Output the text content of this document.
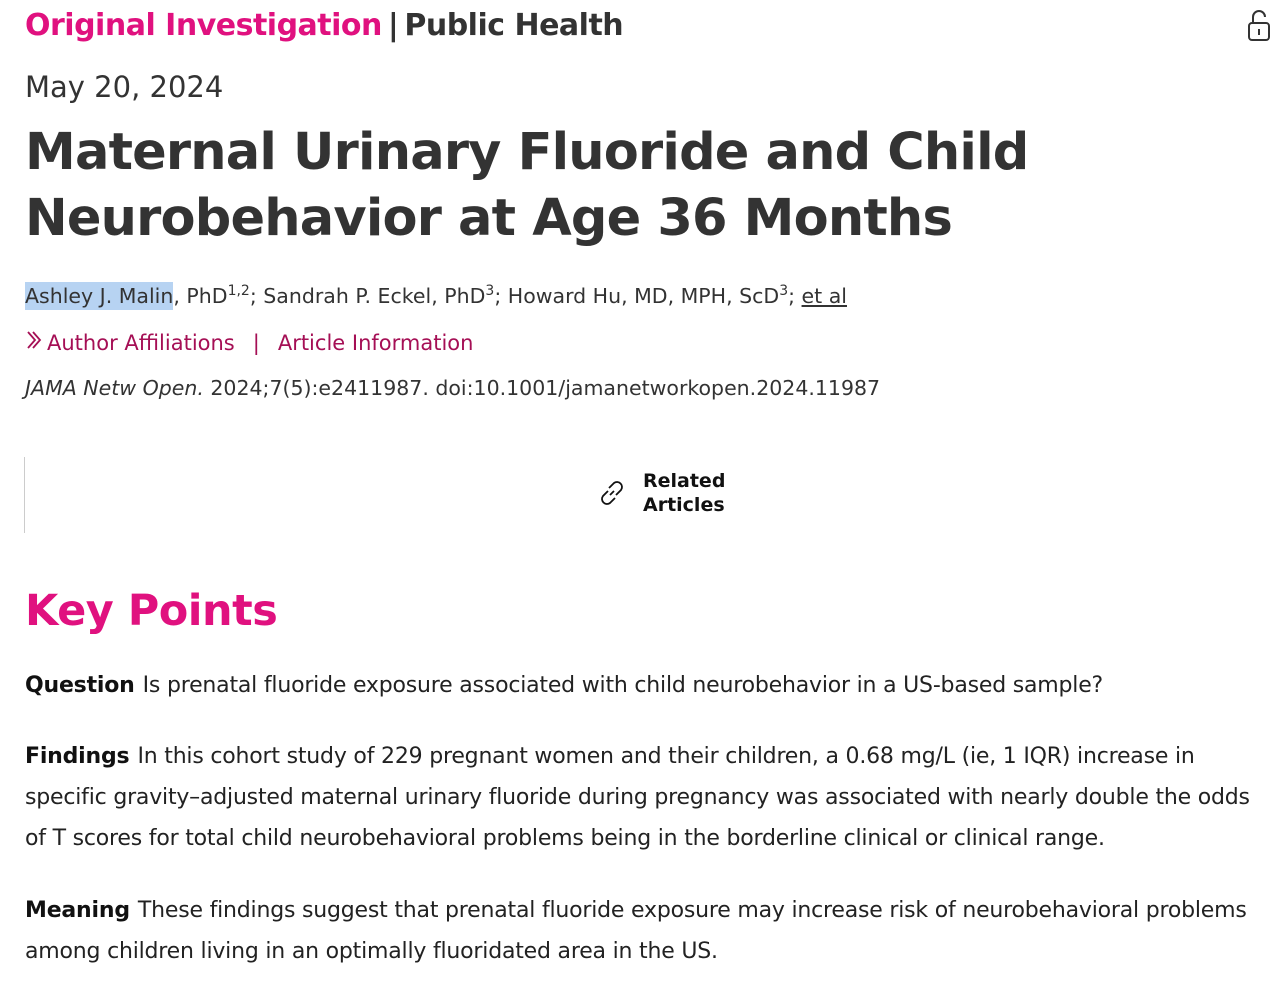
Original Investigation | Public Health
May 20, 2024
Maternal Urinary Fluoride and Child Neurobehavior at Age 36 Months
Ashley J. Malin, PhD$^{1,2}$; Sandrah P. Eckel, PhD$^3$; Howard Hu, MD, MPH, ScD$^3$; et al
Author Affiliations | Article Information
JAMA Netw Open. 2024;7(5):e2411987. doi:10.1001/jamanetworkopen.2024.11987
Related
Articles
Key Points

Question Is prenatal fluoride exposure associated with child neurobehavior in a US-based sample?

Findings In this cohort study of 229 pregnant women and their children, a 0.68 mg/L (ie, 1 IQR) increase in specific gravity–adjusted maternal urinary fluoride during pregnancy was associated with nearly double the odds of T scores for total child neurobehavioral problems being in the borderline clinical or clinical range.

Meaning These findings suggest that prenatal fluoride exposure may increase risk of neurobehavioral problems among children living in an optimally fluoridated area in the US.
